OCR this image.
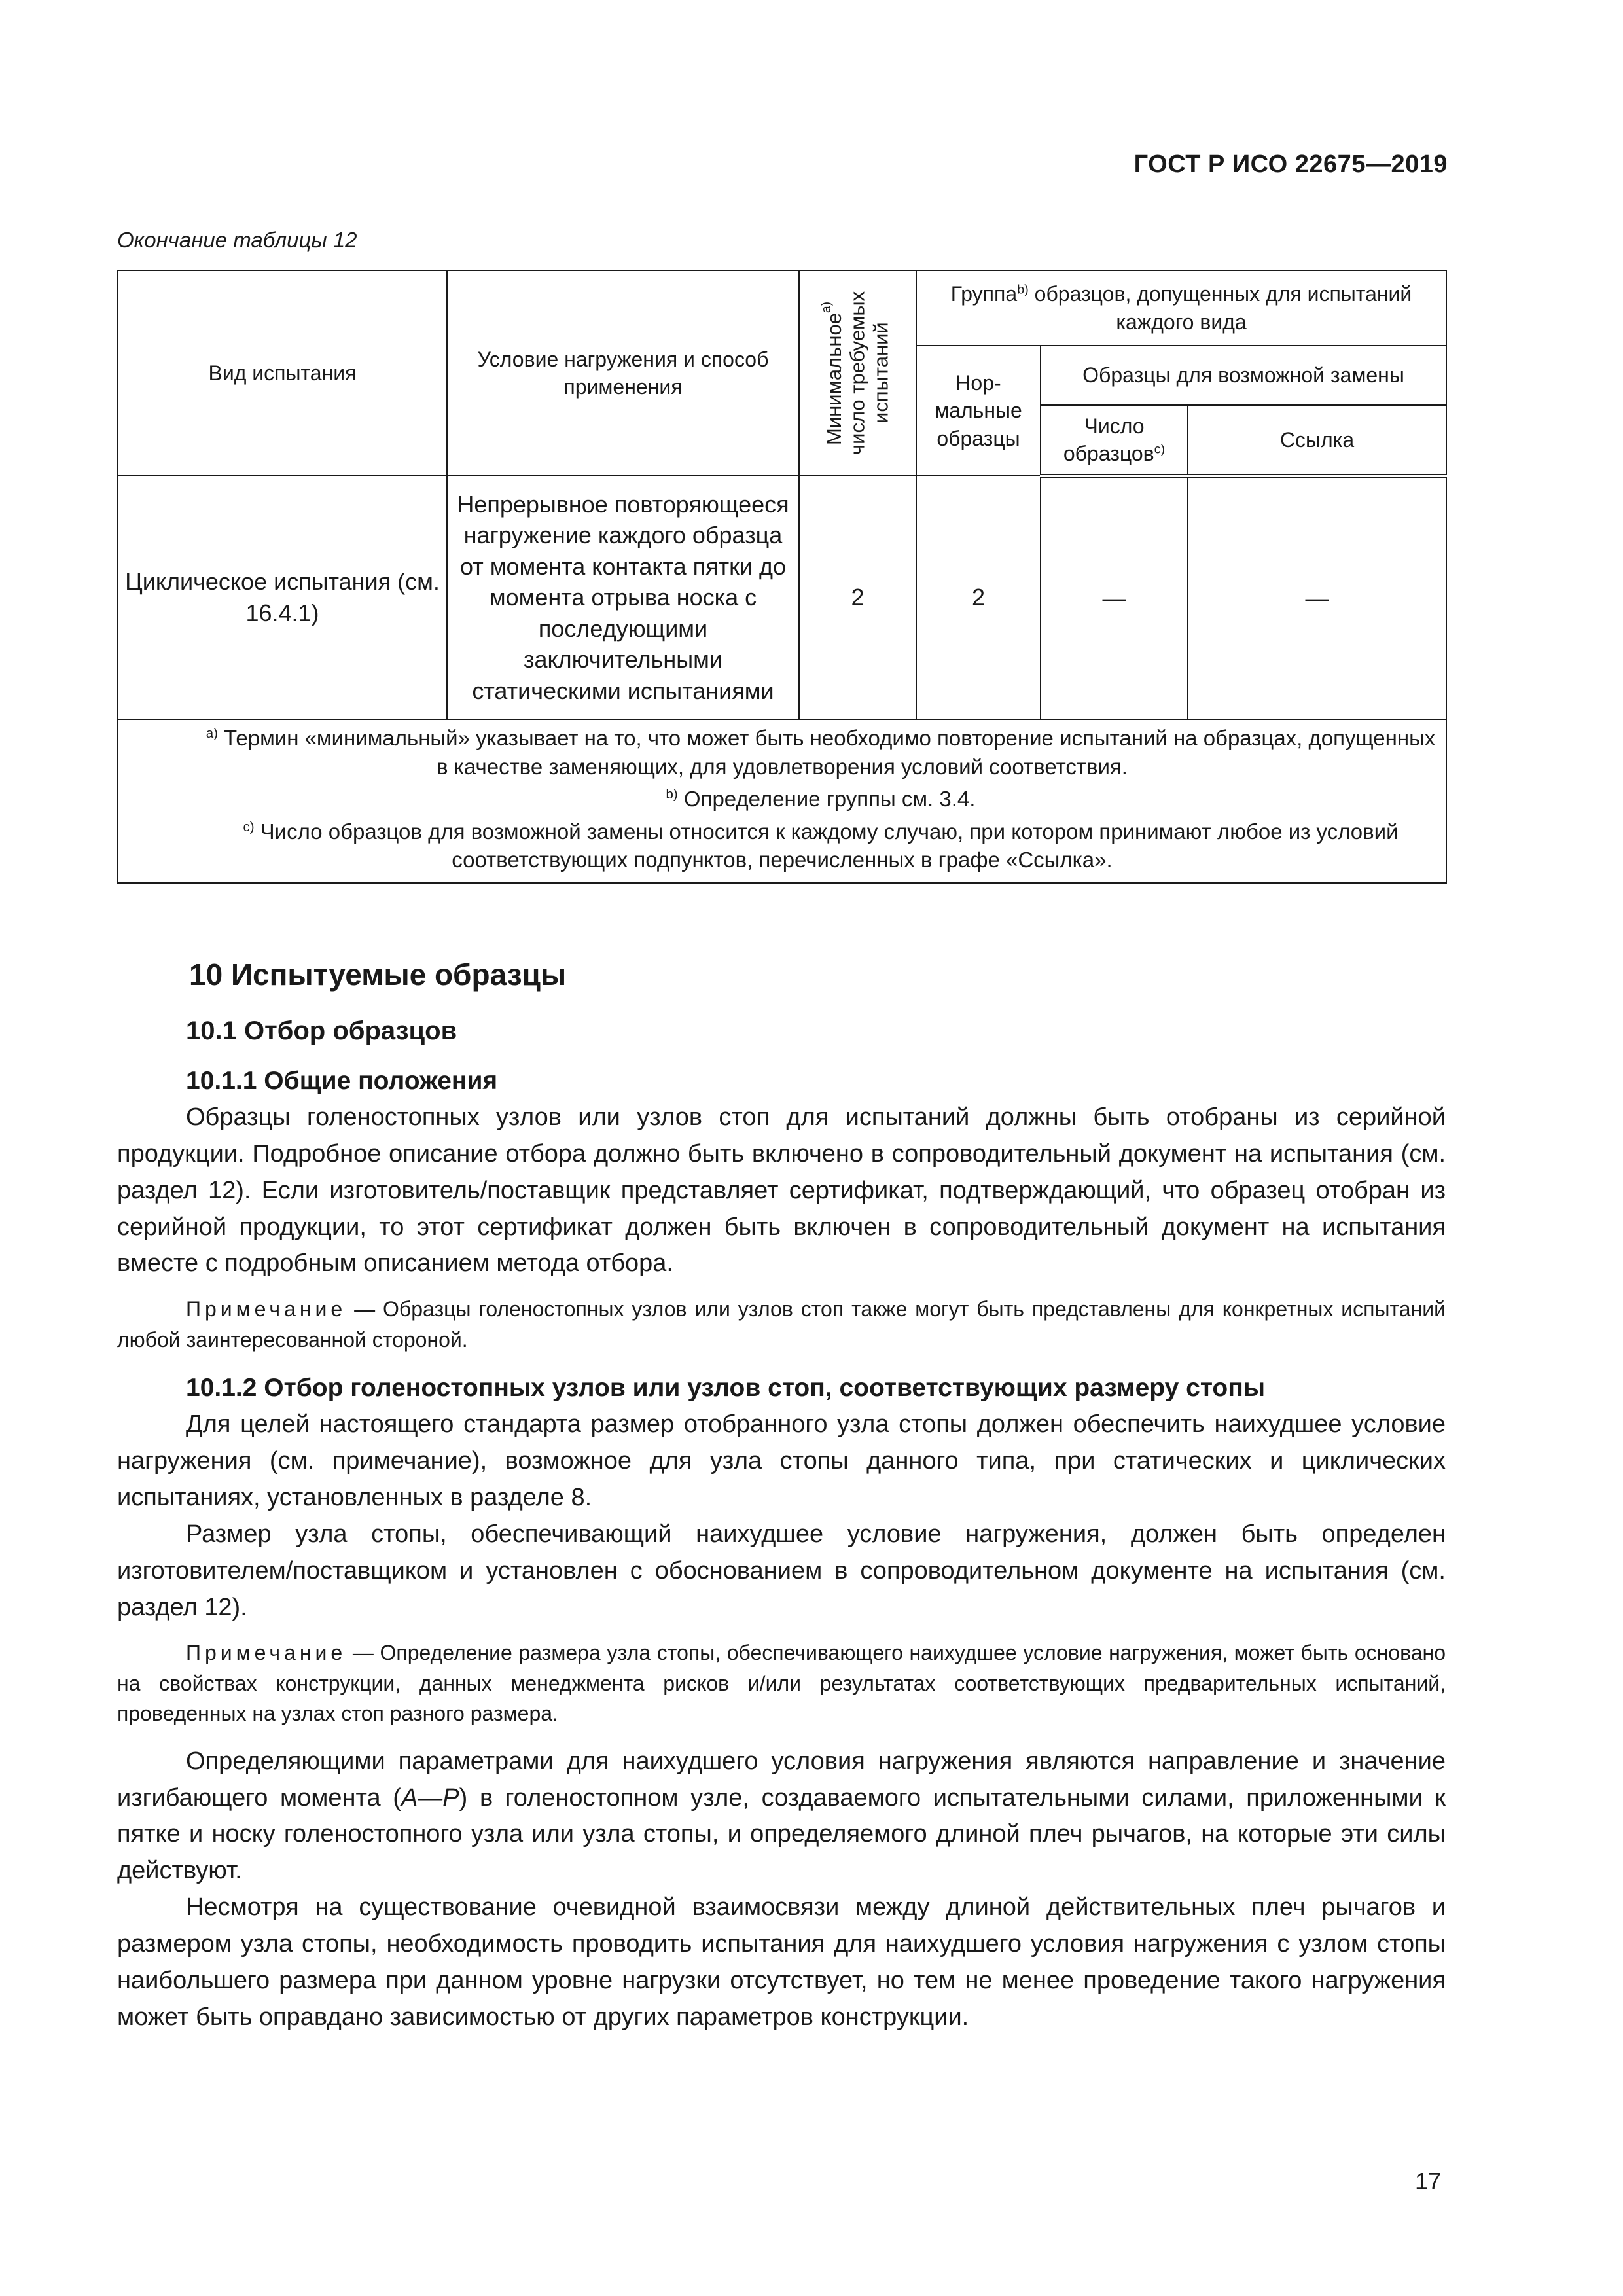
ГОСТ Р ИСО 22675—2019
Окончание таблицы 12
Вид испытания	Условие нагружения и способ применения	Минимальное$^{a)}$ число требуемых испытаний	Группа$^{b)}$ образцов, допущенных для испытаний каждого вида		
			Нор-мальные образцы	Образцы для возможной замены	
				Число образцов$^{c)}$	Ссылка
Циклическое испытания (см. 16.4.1)	Непрерывное повторяющееся нагружение каждого образца от момента контакта пятки до момента отрыва носка с последующими заключительными статическими испытаниями	2	2	—	—

$^{a)}$ Термин «минимальный» указывает на то, что может быть необходимо повторение испытаний на образцах, допущенных в качестве заменяющих, для удовлетворения условий соответствия.

$^{b)}$ Определение группы см. 3.4.

$^{c)}$ Число образцов для возможной замены относится к каждому случаю, при котором принимают любое из условий соответствующих подпунктов, перечисленных в графе «Ссылка».					

10 Испытуемые образцы
10.1 Отбор образцов
10.1.1 Общие положения

Образцы голеностопных узлов или узлов стоп для испытаний должны быть отобраны из серийной продукции. Подробное описание отбора должно быть включено в сопроводительный документ на испытания (см. раздел 12). Если изготовитель/поставщик представляет сертификат, подтверждающий, что образец отобран из серийной продукции, то этот сертификат должен быть включен в сопроводительный документ на испытания вместе с подробным описанием метода отбора.

Примечание — Образцы голеностопных узлов или узлов стоп также могут быть представлены для конкретных испытаний любой заинтересованной стороной.

10.1.2 Отбор голеностопных узлов или узлов стоп, соответствующих размеру стопы

Для целей настоящего стандарта размер отобранного узла стопы должен обеспечить наихудшее условие нагружения (см. примечание), возможное для узла стопы данного типа, при статических и циклических испытаниях, установленных в разделе 8.

Размер узла стопы, обеспечивающий наихудшее условие нагружения, должен быть определен изготовителем/поставщиком и установлен с обоснованием в сопроводительном документе на испытания (см. раздел 12).

Примечание — Определение размера узла стопы, обеспечивающего наихудшее условие нагружения, может быть основано на свойствах конструкции, данных менеджмента рисков и/или результатах соответствующих предварительных испытаний, проведенных на узлах стоп разного размера.

Определяющими параметрами для наихудшего условия нагружения являются направление и значение изгибающего момента (A—P) в голеностопном узле, создаваемого испытательными силами, приложенными к пятке и носку голеностопного узла или узла стопы, и определяемого длиной плеч рычагов, на которые эти силы действуют.

Несмотря на существование очевидной взаимосвязи между длиной действительных плеч рычагов и размером узла стопы, необходимость проводить испытания для наихудшего условия нагружения с узлом стопы наибольшего размера при данном уровне нагрузки отсутствует, но тем не менее проведение такого нагружения может быть оправдано зависимостью от других параметров конструкции.

17
